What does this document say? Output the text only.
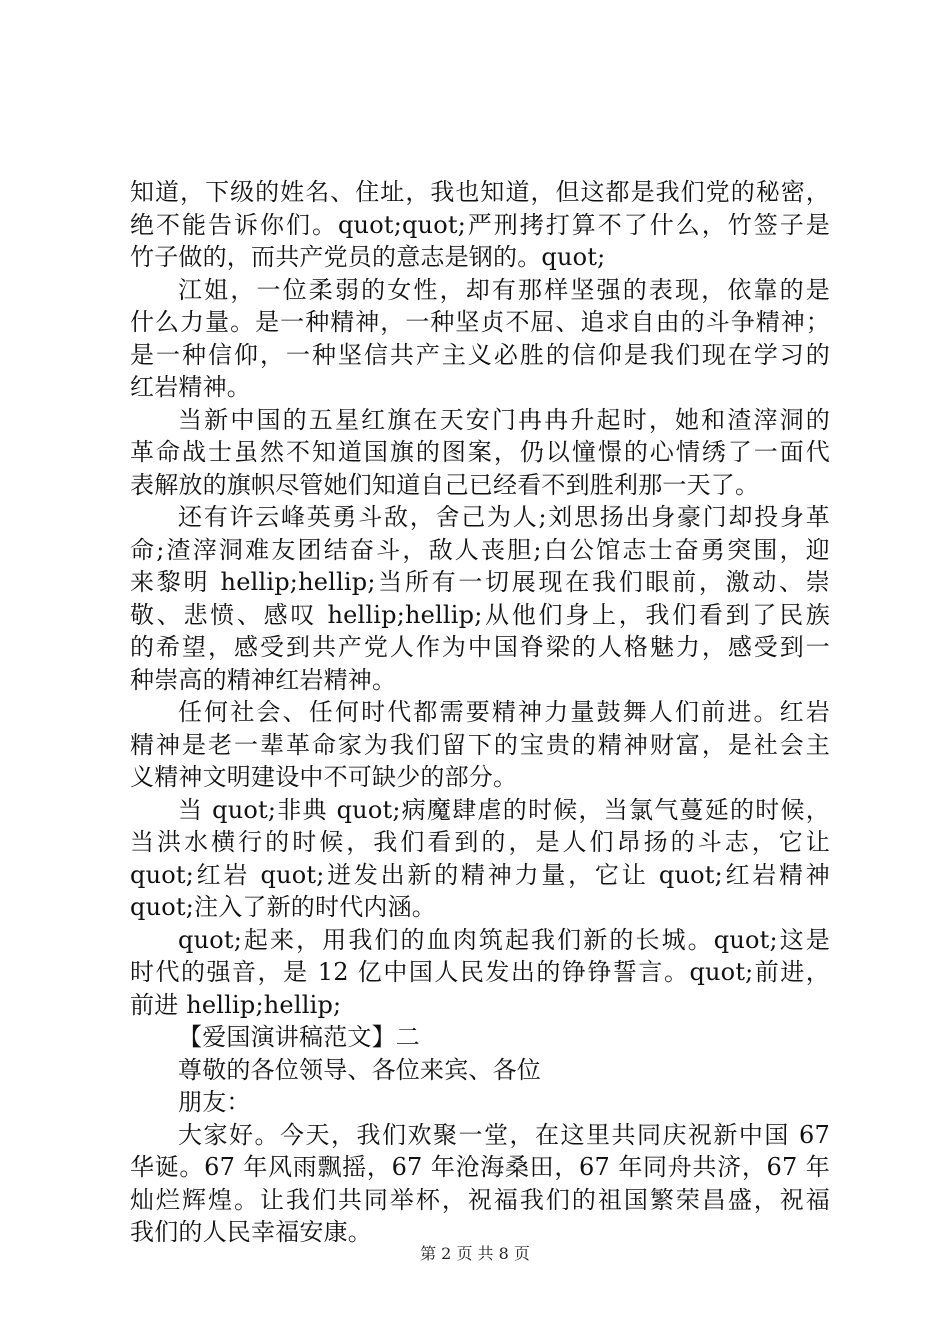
知道，下级的姓名、住址，我也知道，但这都是我们党的秘密，
绝不能告诉你们。quot;quot;严刑拷打算不了什么，竹签子是
竹子做的，而共产党员的意志是钢的。quot;
江姐，一位柔弱的女性，却有那样坚强的表现，依靠的是
什么力量。是一种精神，一种坚贞不屈、追求自由的斗争精神；
是一种信仰，一种坚信共产主义必胜的信仰是我们现在学习的
红岩精神。
当新中国的五星红旗在天安门冉冉升起时，她和渣滓洞的
革命战士虽然不知道国旗的图案，仍以憧憬的心情绣了一面代
表解放的旗帜尽管她们知道自己已经看不到胜利那一天了。
还有许云峰英勇斗敌，舍己为人;刘思扬出身豪门却投身革
命;渣滓洞难友团结奋斗，敌人丧胆;白公馆志士奋勇突围，迎
来黎明 hellip;hellip;当所有一切展现在我们眼前，激动、崇
敬、悲愤、感叹 hellip;hellip;从他们身上，我们看到了民族
的希望，感受到共产党人作为中国脊梁的人格魅力，感受到一
种崇高的精神红岩精神。
任何社会、任何时代都需要精神力量鼓舞人们前进。红岩
精神是老一辈革命家为我们留下的宝贵的精神财富，是社会主
义精神文明建设中不可缺少的部分。
当 quot;非典 quot;病魔肆虐的时候，当氯气蔓延的时候，
当洪水横行的时候，我们看到的，是人们昂扬的斗志，它让
quot;红岩 quot;迸发出新的精神力量，它让 quot;红岩精神
quot;注入了新的时代内涵。
quot;起来，用我们的血肉筑起我们新的长城。quot;这是
时代的强音，是 12 亿中国人民发出的铮铮誓言。quot;前进，
前进 hellip;hellip;
【爱国演讲稿范文】二
尊敬的各位领导、各位来宾、各位
朋友：
大家好。今天，我们欢聚一堂，在这里共同庆祝新中国 67
华诞。67 年风雨飘摇，67 年沧海桑田，67 年同舟共济，67 年
灿烂辉煌。让我们共同举杯，祝福我们的祖国繁荣昌盛，祝福
我们的人民幸福安康。
第 2 页 共 8 页
